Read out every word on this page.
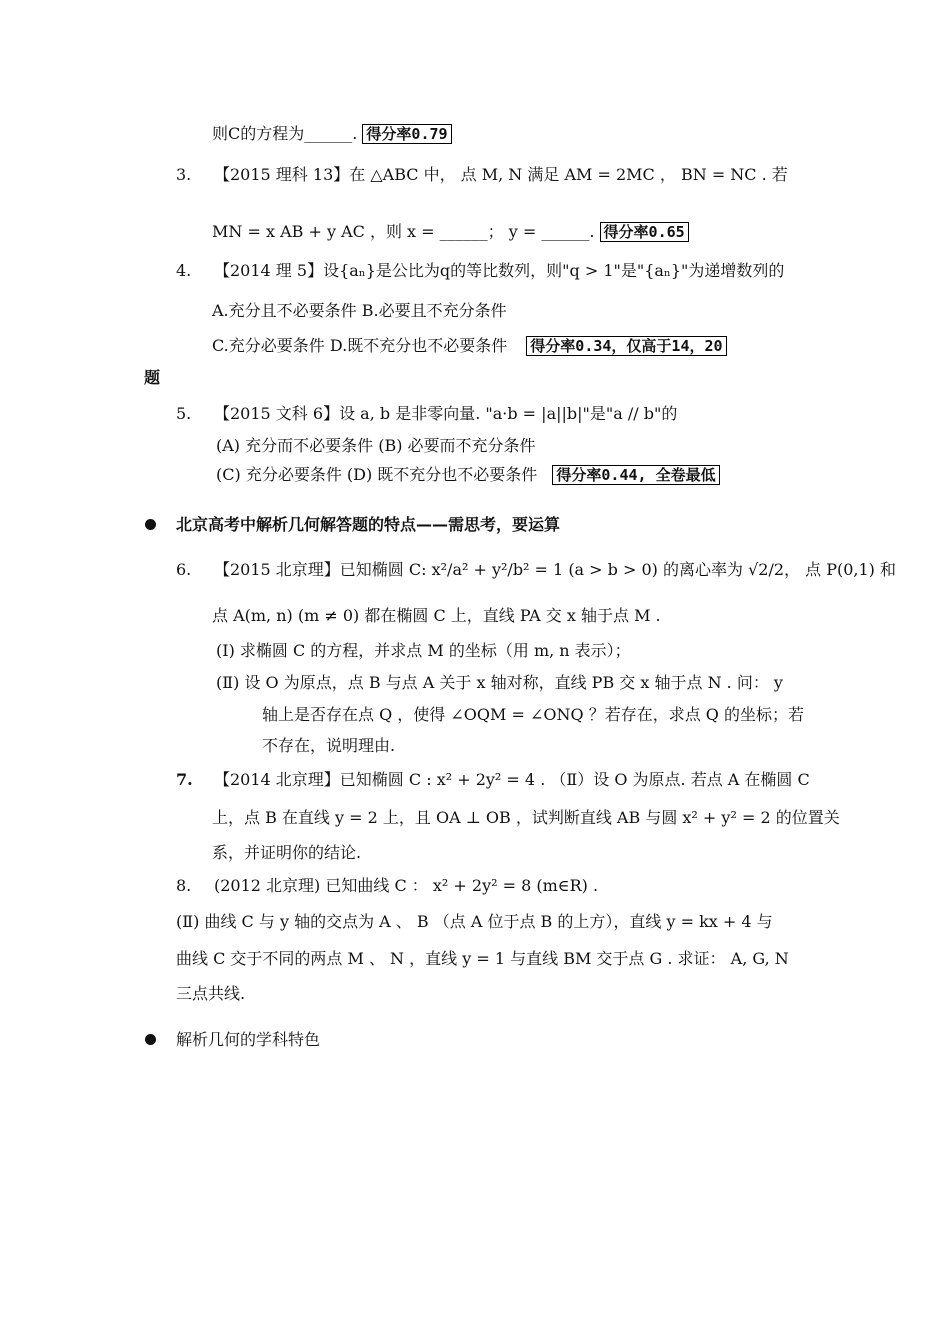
则C的方程为______. 得分率0.79
3. 【2015 理科 13】在 △ABC 中， 点 M, N 满足 AM = 2MC ， BN = NC . 若
MN = x AB + y AC ，则 x = ______； y = ______. 得分率0.65
4. 【2014 理 5】设{aₙ}是公比为q的等比数列，则"q > 1"是"{aₙ}"为递增数列的
A.充分且不必要条件 B.必要且不充分条件
C.充分必要条件 D.既不充分也不必要条件 得分率0.34，仅高于14，20
题
5. 【2015 文科 6】设 a, b 是非零向量. "a·b = |a||b|"是"a // b"的
(A) 充分而不必要条件 (B) 必要而不充分条件
(C) 充分必要条件 (D) 既不充分也不必要条件 得分率0.44, 全卷最低
北京高考中解析几何解答题的特点——需思考，要运算
6. 【2015 北京理】已知椭圆 C: x²/a² + y²/b² = 1 (a > b > 0) 的离心率为 √2/2， 点 P(0,1) 和
点 A(m, n) (m ≠ 0) 都在椭圆 C 上，直线 PA 交 x 轴于点 M .
(Ⅰ) 求椭圆 C 的方程，并求点 M 的坐标（用 m, n 表示）；
(Ⅱ) 设 O 为原点，点 B 与点 A 关于 x 轴对称，直线 PB 交 x 轴于点 N . 问： y
轴上是否存在点 Q ，使得 ∠OQM = ∠ONQ ？若存在，求点 Q 的坐标；若
不存在，说明理由.
7. 【2014 北京理】已知椭圆 C : x² + 2y² = 4 . （Ⅱ）设 O 为原点. 若点 A 在椭圆 C
上，点 B 在直线 y = 2 上，且 OA ⊥ OB ，试判断直线 AB 与圆 x² + y² = 2 的位置关
系，并证明你的结论.
8. (2012 北京理) 已知曲线 C ： x² + 2y² = 8 (m∈R) .
(Ⅱ) 曲线 C 与 y 轴的交点为 A 、 B （点 A 位于点 B 的上方），直线 y = kx + 4 与
曲线 C 交于不同的两点 M 、 N ，直线 y = 1 与直线 BM 交于点 G . 求证： A, G, N
三点共线.
解析几何的学科特色
